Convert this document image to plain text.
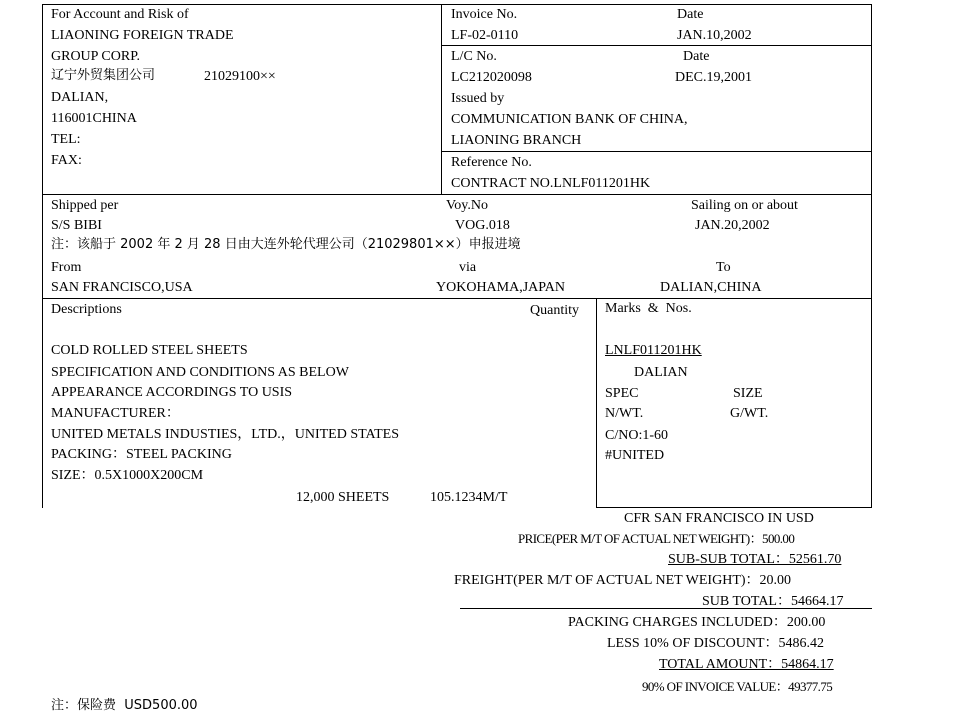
For Account and Risk of
LIAONING FOREIGN TRADE
GROUP CORP.
辽宁外贸集团公司	21029100××
DALIAN,
116001CHINA
TEL:
FAX:
Invoice No.	Date
LF-02-0110	JAN.10,2002
L/C No.	Date
LC212020098	DEC.19,2001
Issued by
COMMUNICATION BANK OF CHINA,
LIAONING BRANCH
Reference No.
CONTRACT NO.LNLF011201HK
Shipped per	Voy.No	Sailing on or about
S/S BIBI	VOG.018	JAN.20,2002
注：该船于 2002 年 2 月 28 日由大连外轮代理公司（21029801××）申报进境
From	via	To
SAN FRANCISCO,USA	YOKOHAMA,JAPAN	DALIAN,CHINA
Descriptions	Quantity
COLD ROLLED STEEL SHEETS
SPECIFICATION AND CONDITIONS AS BELOW
APPEARANCE ACCORDINGS TO USIS
MANUFACTURER：
UNITED METALS INDUSTIES，LTD.，UNITED STATES
PACKING：STEEL PACKING
SIZE：0.5X1000X200CM
12,000 SHEETS	105.1234M/T
Marks  &  Nos.
LNLF011201HK
DALIAN
SPEC	SIZE
N/WT.	G/WT.
C/NO:1-60
#UNITED
CFR SAN FRANCISCO IN USD
PRICE(PER M/T OF ACTUAL NET WEIGHT)：500.00
SUB-SUB TOTAL：52561.70
FREIGHT(PER M/T OF ACTUAL NET WEIGHT)：20.00
SUB TOTAL：54664.17
PACKING CHARGES INCLUDED：200.00
LESS 10% OF DISCOUNT：5486.42
TOTAL AMOUNT：54864.17
90% OF INVOICE VALUE：49377.75
注：保险费  USD500.00
